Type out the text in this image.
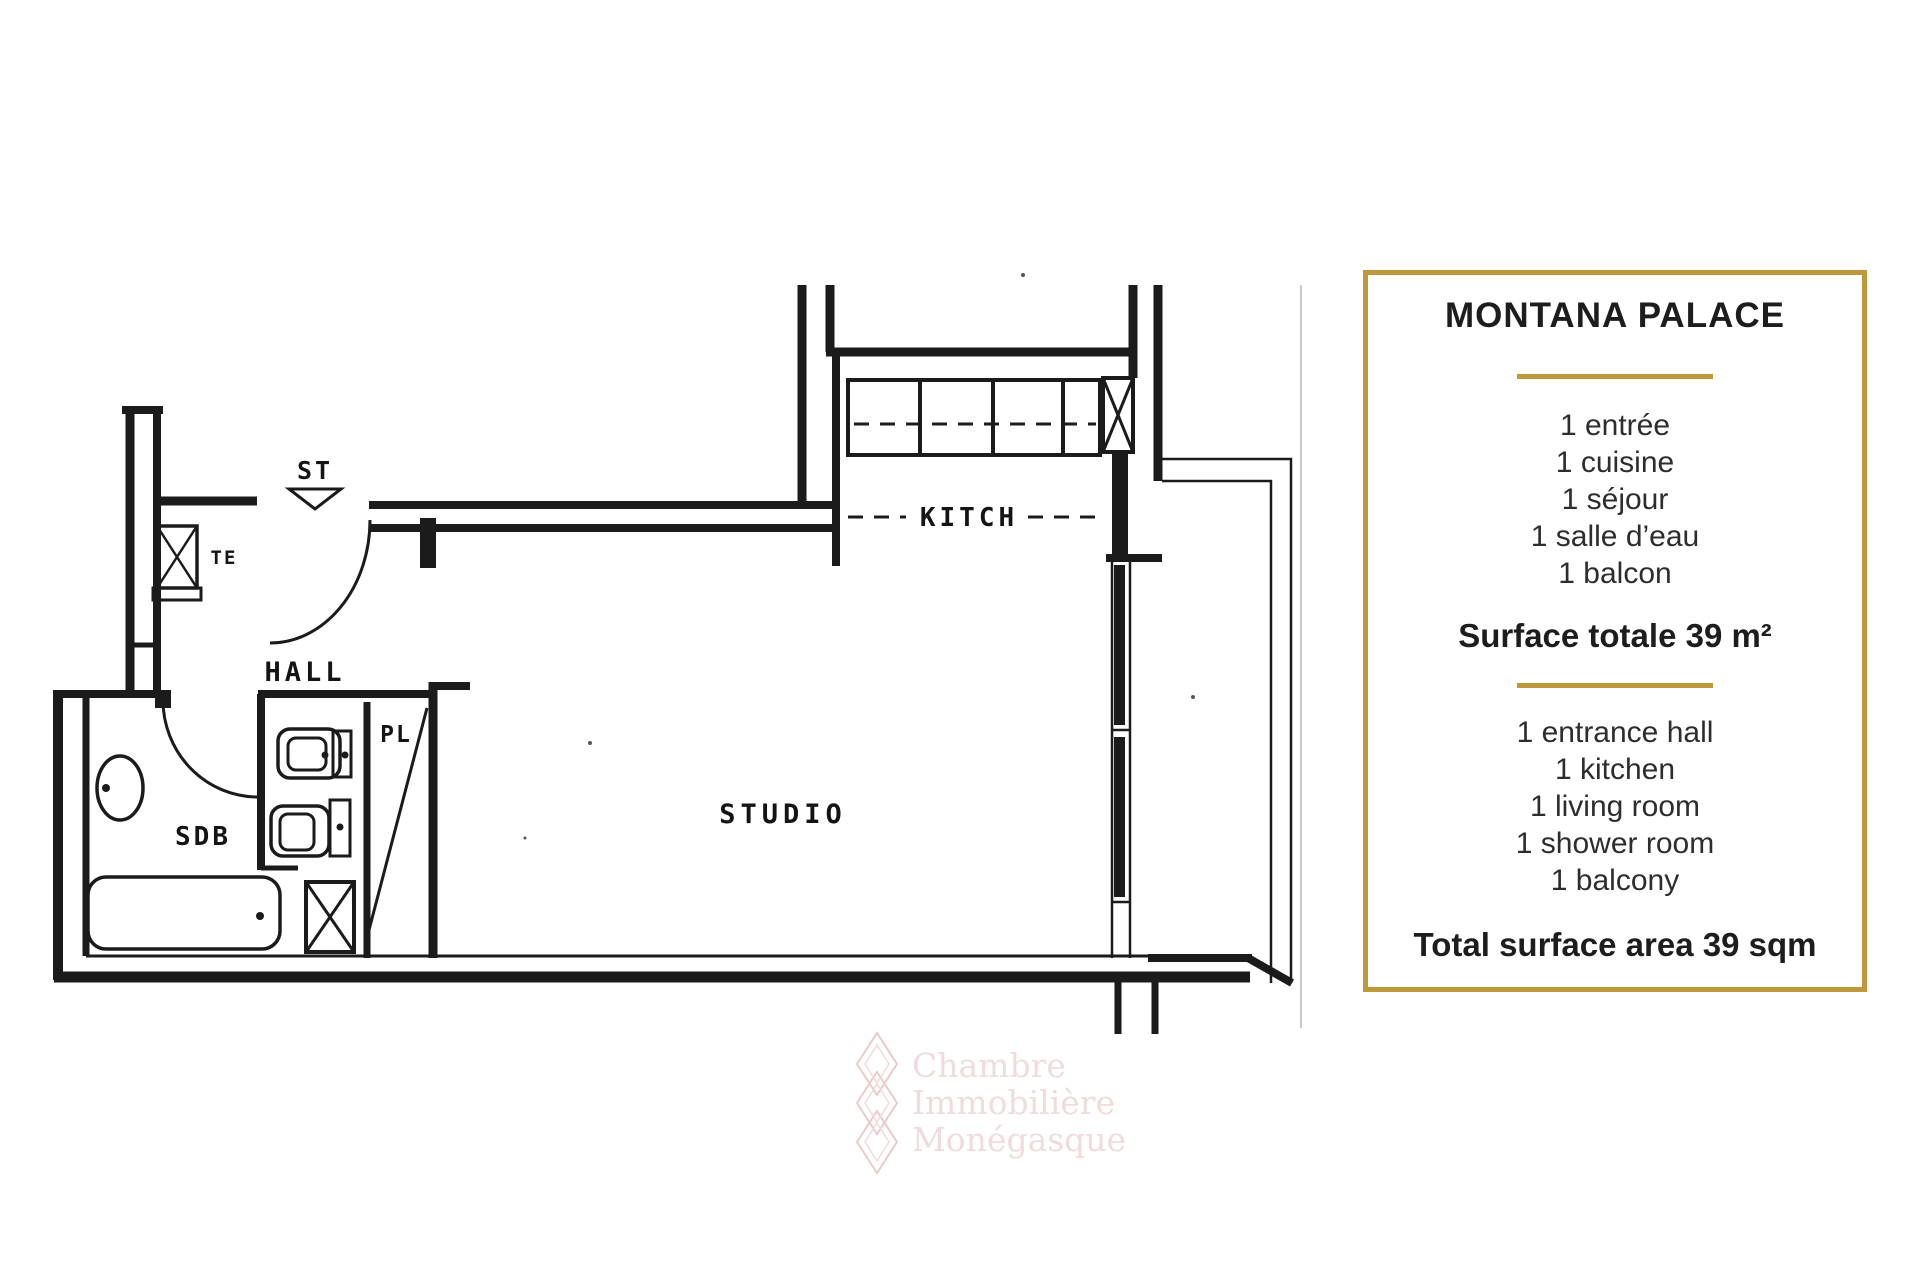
ST
TE
HALL
PL
SDB
STUDIO
KITCH
Chambre
Immobilière
Monégasque
MONTANA PALACE
1 entrée
1 cuisine
1 séjour
1 salle d’eau
1 balcon
Surface totale 39 m²
1 entrance hall
1 kitchen
1 living room
1 shower room
1 balcony
Total surface area 39 sqm
